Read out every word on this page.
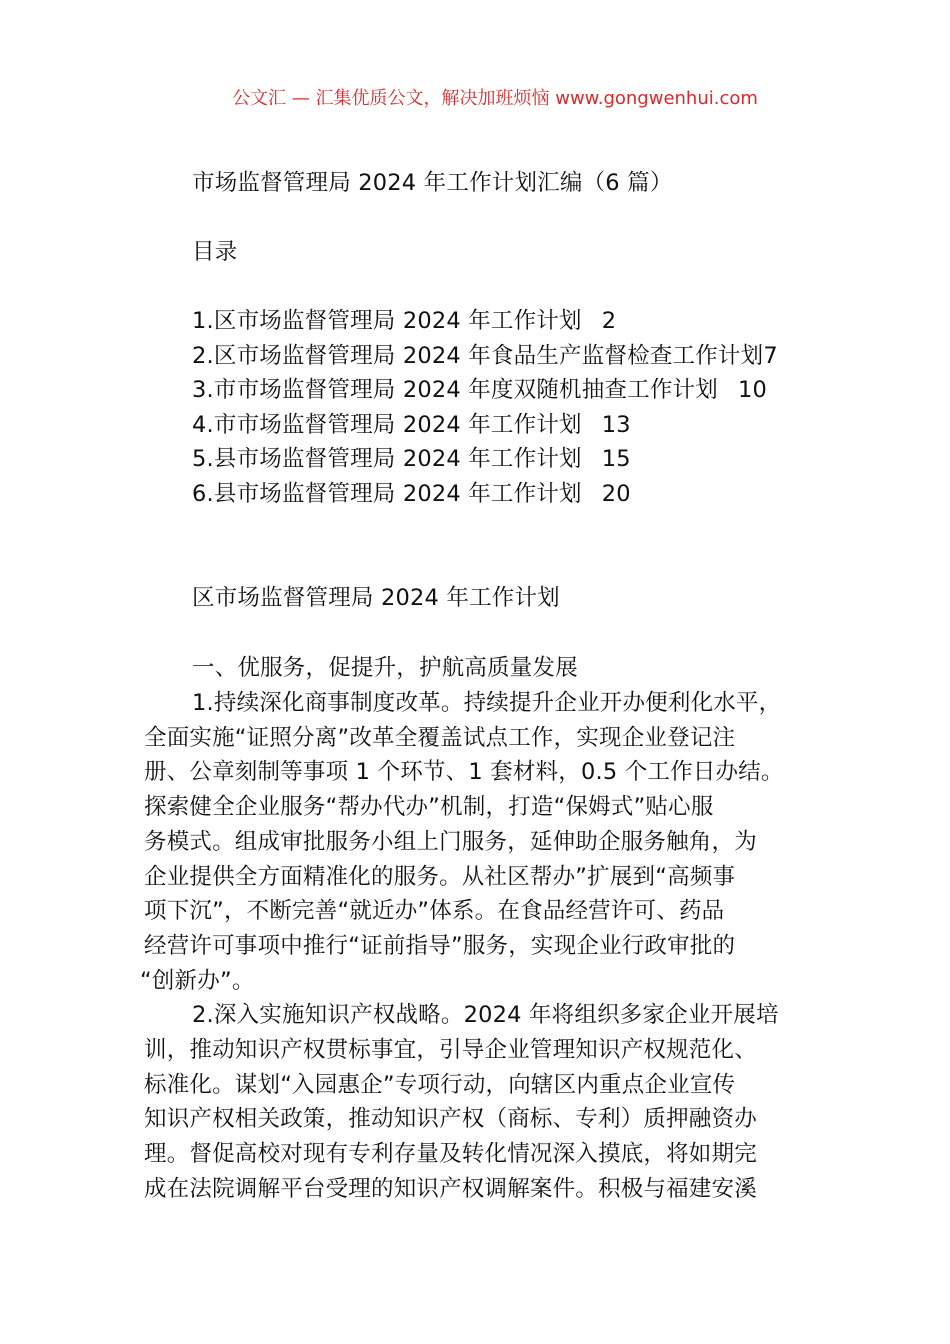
公文汇 — 汇集优质公文，解决加班烦恼 www.gongwenhui.com
市场监督管理局 2024 年工作计划汇编（6 篇）
目录
1.区市场监督管理局 2024 年工作计划 2
2.区市场监督管理局 2024 年食品生产监督检查工作计划7
3.市市场监督管理局 2024 年度双随机抽查工作计划 10
4.市市场监督管理局 2024 年工作计划 13
5.县市场监督管理局 2024 年工作计划 15
6.县市场监督管理局 2024 年工作计划 20
区市场监督管理局 2024 年工作计划
一、优服务，促提升，护航高质量发展
1.持续深化商事制度改革。持续提升企业开办便利化水平，
全面实施“证照分离”改革全覆盖试点工作，实现企业登记注
册、公章刻制等事项 1 个环节、1 套材料，0.5 个工作日办结。
探索健全企业服务“帮办代办”机制，打造“保姆式”贴心服
务模式。组成审批服务小组上门服务，延伸助企服务触角，为
企业提供全方面精准化的服务。从社区帮办”扩展到“高频事
项下沉”，不断完善“就近办”体系。在食品经营许可、药品
经营许可事项中推行“证前指导”服务，实现企业行政审批的
“创新办”。
2.深入实施知识产权战略。2024 年将组织多家企业开展培
训，推动知识产权贯标事宜，引导企业管理知识产权规范化、
标准化。谋划“入园惠企”专项行动，向辖区内重点企业宣传
知识产权相关政策，推动知识产权（商标、专利）质押融资办
理。督促高校对现有专利存量及转化情况深入摸底，将如期完
成在法院调解平台受理的知识产权调解案件。积极与福建安溪
